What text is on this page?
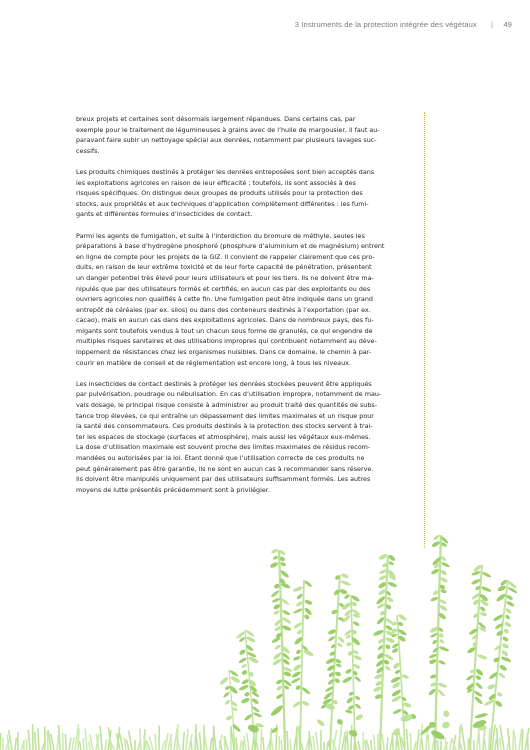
3 Instruments de la protection intégrée des végétaux | 49
breux projets et certaines sont désormais largement répandues. Dans certains cas, par
exemple pour le traitement de légumineuses à grains avec de l’huile de margousier, il faut au-
paravant faire subir un nettoyage spécial aux denrées, notamment par plusieurs lavages suc-
cessifs.
Les produits chimiques destinés à protéger les denrées entreposées sont bien acceptés dans
les exploitations agricoles en raison de leur efficacité ; toutefois, ils sont associés à des
risques spécifiques. On distingue deux groupes de produits utilisés pour la protection des
stocks, aux propriétés et aux techniques d’application complètement différentes : les fumi-
gants et différentes formules d’insecticides de contact.
Parmi les agents de fumigation, et suite à l’interdiction du bromure de méthyle, seules les
préparations à base d’hydrogène phosphoré (phosphure d’aluminium et de magnésium) entrent
en ligne de compte pour les projets de la GIZ. Il convient de rappeler clairement que ces pro-
duits, en raison de leur extrême toxicité et de leur forte capacité de pénétration, présentent
un danger potentiel très élevé pour leurs utilisateurs et pour les tiers. Ils ne doivent être ma-
nipulés que par des utilisateurs formés et certifiés, en aucun cas par des exploitants ou des
ouvriers agricoles non qualifiés à cette fin. Une fumigation peut être indiquée dans un grand
entrepôt de céréales (par ex. silos) ou dans des conteneurs destinés à l’exportation (par ex.
cacao), mais en aucun cas dans des exploitations agricoles. Dans de nombreux pays, des fu-
migants sont toutefois vendus à tout un chacun sous forme de granulés, ce qui engendre de
multiples risques sanitaires et des utilisations impropres qui contribuent notamment au déve-
loppement de résistances chez les organismes nuisibles. Dans ce domaine, le chemin à par-
courir en matière de conseil et de réglementation est encore long, à tous les niveaux.
Les insecticides de contact destinés à protéger les denrées stockées peuvent être appliqués
par pulvérisation, poudrage ou nébulisation. En cas d’utilisation impropre, notamment de mau-
vais dosage, le principal risque consiste à administrer au produit traité des quantités de subs-
tance trop élevées, ce qui entraîne un dépassement des limites maximales et un risque pour
la santé des consommateurs. Ces produits destinés à la protection des stocks servent à trai-
ter les espaces de stockage (surfaces et atmosphère), mais aussi les végétaux eux-mêmes.
La dose d’utilisation maximale est souvent proche des limites maximales de résidus recom-
mandées ou autorisées par la loi. Étant donné que l’utilisation correcte de ces produits ne
peut généralement pas être garantie, ils ne sont en aucun cas à recommander sans réserve.
Ils doivent être manipulés uniquement par des utilisateurs suffisamment formés. Les autres
moyens de lutte présentés précédemment sont à privilégier.
